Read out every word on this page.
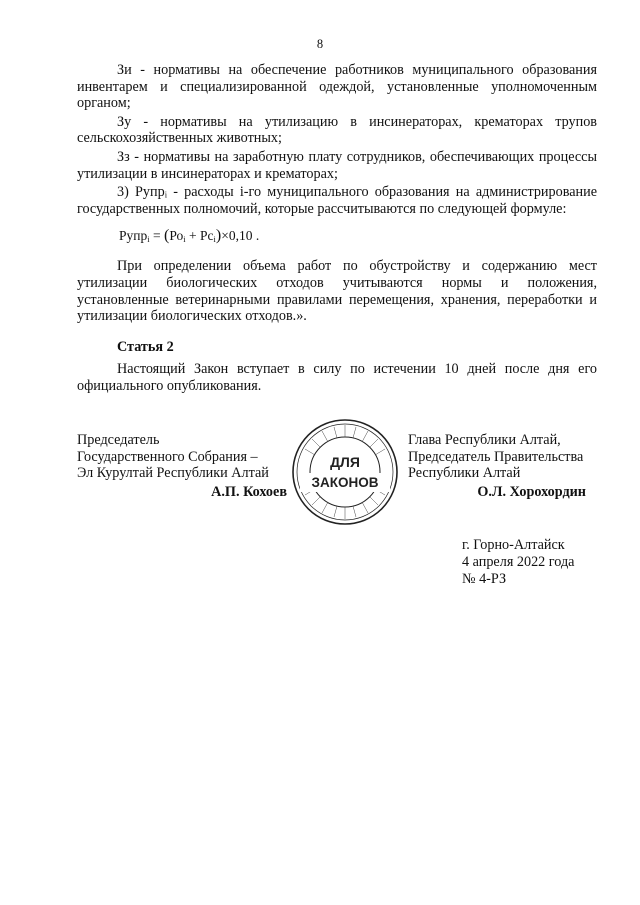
8

Зи - нормативы на обеспечение работников муниципального образования инвентарем и специализированной одеждой, установленные уполномоченным органом;

Зу - нормативы на утилизацию в инсинераторах, крематорах трупов сельскохозяйственных животных;

Зз - нормативы на заработную плату сотрудников, обеспечивающих процессы утилизации в инсинераторах и крематорах;

3) Рупрᵢ - расходы i-го муниципального образования на администрирование государственных полномочий, которые рассчитываются по следующей формуле:

Рупр$_i$ = $(Ро_i + Рс_i)\times 0,10$ .

При определении объема работ по обустройству и содержанию мест утилизации биологических отходов учитываются нормы и положения, установленные ветеринарными правилами перемещения, хранения, переработки и утилизации биологических отходов.».

Статья 2

Настоящий Закон вступает в силу по истечении 10 дней после дня его официального опубликования.

Председатель
Государственного Собрания –
Эл Курултай Республики Алтай
А.П. Кохоев
ДЛЯ
ЗАКОНОВ
Глава Республики Алтай,
Председатель Правительства
Республики Алтай
О.Л. Хорохордин
г. Горно-Алтайск
4 апреля 2022 года
№ 4-РЗ
